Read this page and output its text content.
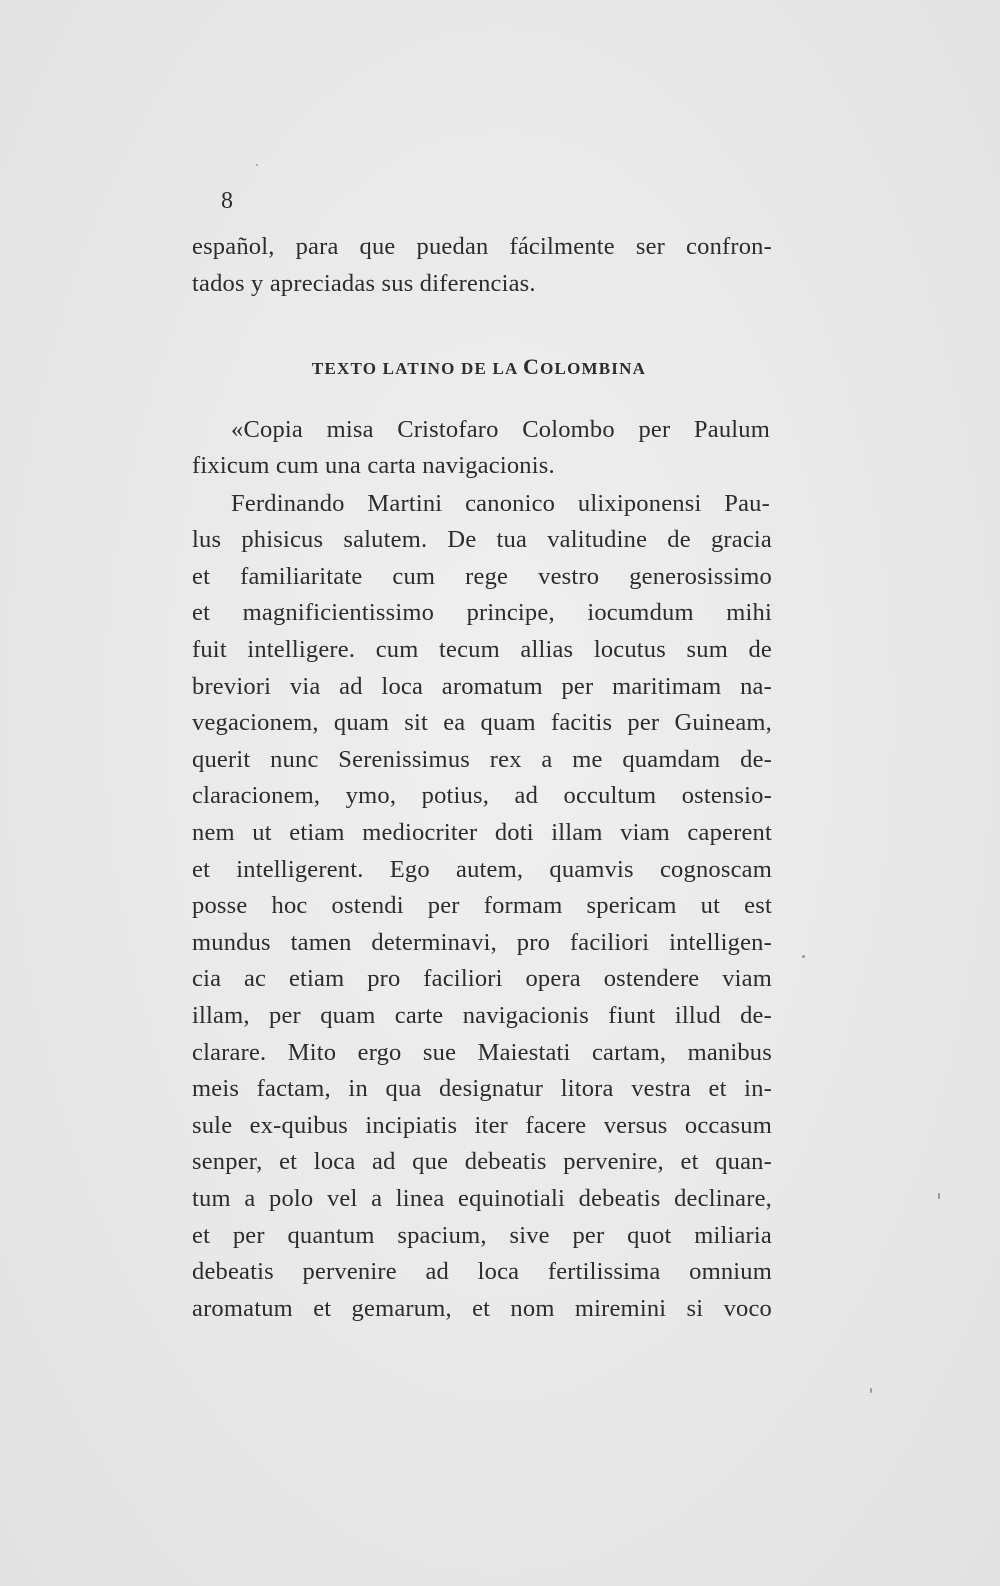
8

español, para que puedan fácilmente ser confron-

tados y apreciadas sus diferencias.

TEXTO LATINO DE LA COLOMBINA

«Copia misa Cristofaro Colombo per Paulum

fixicum cum una carta navigacionis.

Ferdinando Martini canonico ulixiponensi Pau-

lus phisicus salutem. De tua valitudine de gracia

et familiaritate cum rege vestro generosissimo

et magnificientissimo principe, iocumdum mihi

fuit intelligere. cum tecum allias locutus sum de

breviori via ad loca aromatum per maritimam na-

vegacionem, quam sit ea quam facitis per Guineam,

querit nunc Serenissimus rex a me quamdam de-

claracionem, ymo, potius, ad occultum ostensio-

nem ut etiam mediocriter doti illam viam caperent

et intelligerent. Ego autem, quamvis cognoscam

posse hoc ostendi per formam spericam ut est

mundus tamen determinavi, pro faciliori intelligen-

cia ac etiam pro faciliori opera ostendere viam

illam, per quam carte navigacionis fiunt illud de-

clarare. Mito ergo sue Maiestati cartam, manibus

meis factam, in qua designatur litora vestra et in-

sule ex-quibus incipiatis iter facere versus occasum

senper, et loca ad que debeatis pervenire, et quan-

tum a polo vel a linea equinotiali debeatis declinare,

et per quantum spacium, sive per quot miliaria

debeatis pervenire ad loca fertilissima omnium

aromatum et gemarum, et nom miremini si voco
